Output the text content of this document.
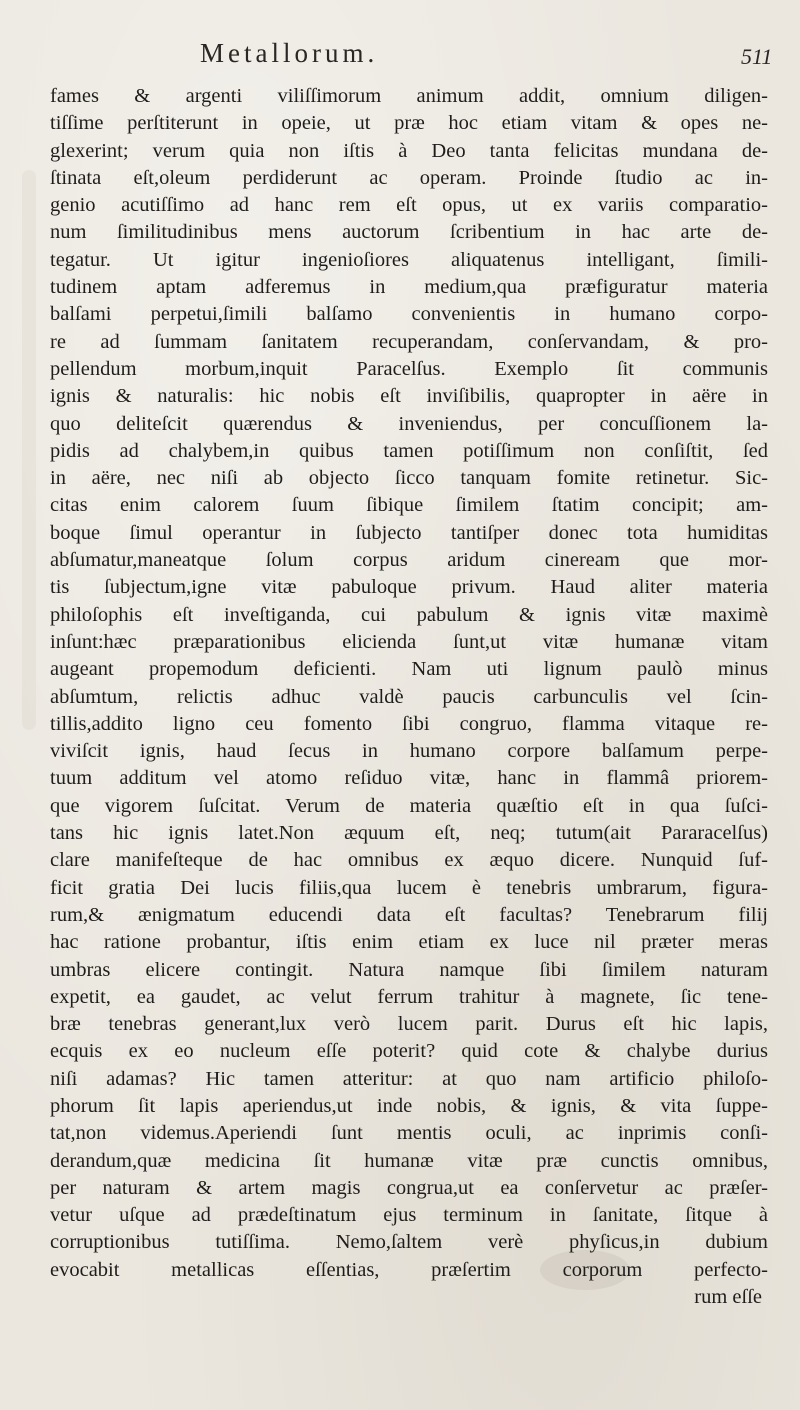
Metallorum.	511
fames & argenti viliſſimorum animum addit, omnium diligen-
tiſſime perſtiterunt in opeie, ut præ hoc etiam vitam & opes ne-
glexerint; verum quia non iſtis à Deo tanta felicitas mundana de-
ſtinata eſt,oleum perdiderunt ac operam. Proinde ſtudio ac in-
genio acutiſſimo ad hanc rem eſt opus, ut ex variis comparatio-
num ſimilitudinibus mens auctorum ſcribentium in hac arte de-
tegatur. Ut igitur ingenioſiores aliquatenus intelligant, ſimili-
tudinem aptam adferemus in medium,qua præfiguratur materia
balſami perpetui,ſimili balſamo convenientis in humano corpo-
re ad ſummam ſanitatem recuperandam, conſervandam, & pro-
pellendum morbum,inquit Paracelſus. Exemplo ſit communis
ignis & naturalis: hic nobis eſt inviſibilis, quapropter in aëre in
quo deliteſcit quærendus & inveniendus, per concuſſionem la-
pidis ad chalybem,in quibus tamen potiſſimum non conſiſtit, ſed
in aëre, nec niſi ab objecto ſicco tanquam fomite retinetur. Sic-
citas enim calorem ſuum ſibique ſimilem ſtatim concipit; am-
boque ſimul operantur in ſubjecto tantiſper donec tota humiditas
abſumatur,maneatque ſolum corpus aridum cineream que mor-
tis ſubjectum,igne vitæ pabuloque privum. Haud aliter materia
philoſophis eſt inveſtiganda, cui pabulum & ignis vitæ maximè
inſunt:hæc præparationibus elicienda ſunt,ut vitæ humanæ vitam
augeant propemodum deficienti. Nam uti lignum paulò minus
abſumtum, relictis adhuc valdè paucis carbunculis vel ſcin-
tillis,addito ligno ceu fomento ſibi congruo, flamma vitaque re-
viviſcit ignis, haud ſecus in humano corpore balſamum perpe-
tuum additum vel atomo reſiduo vitæ, hanc in flammâ priorem-
que vigorem ſuſcitat. Verum de materia quæſtio eſt in qua ſuſci-
tans hic ignis latet.Non æquum eſt, neq; tutum(ait Pararacelſus)
clare manifeſteque de hac omnibus ex æquo dicere. Nunquid ſuf-
ficit gratia Dei lucis filiis,qua lucem è tenebris umbrarum, figura-
rum,& ænigmatum educendi data eſt facultas? Tenebrarum filij
hac ratione probantur, iſtis enim etiam ex luce nil præter meras
umbras elicere contingit. Natura namque ſibi ſimilem naturam
expetit, ea gaudet, ac velut ferrum trahitur à magnete, ſic tene-
bræ tenebras generant,lux verò lucem parit. Durus eſt hic lapis,
ecquis ex eo nucleum eſſe poterit? quid cote & chalybe durius
niſi adamas? Hic tamen atteritur: at quo nam artificio philoſo-
phorum ſit lapis aperiendus,ut inde nobis, & ignis, & vita ſuppe-
tat,non videmus.Aperiendi ſunt mentis oculi, ac inprimis conſi-
derandum,quæ medicina ſit humanæ vitæ præ cunctis omnibus,
per naturam & artem magis congrua,ut ea conſervetur ac præſer-
vetur uſque ad prædeſtinatum ejus terminum in ſanitate, ſitque à
corruptionibus tutiſſima. Nemo,ſaltem verè phyſicus,in dubium
evocabit metallicas eſſentias, præſertim corporum perfecto-
rum eſſe
